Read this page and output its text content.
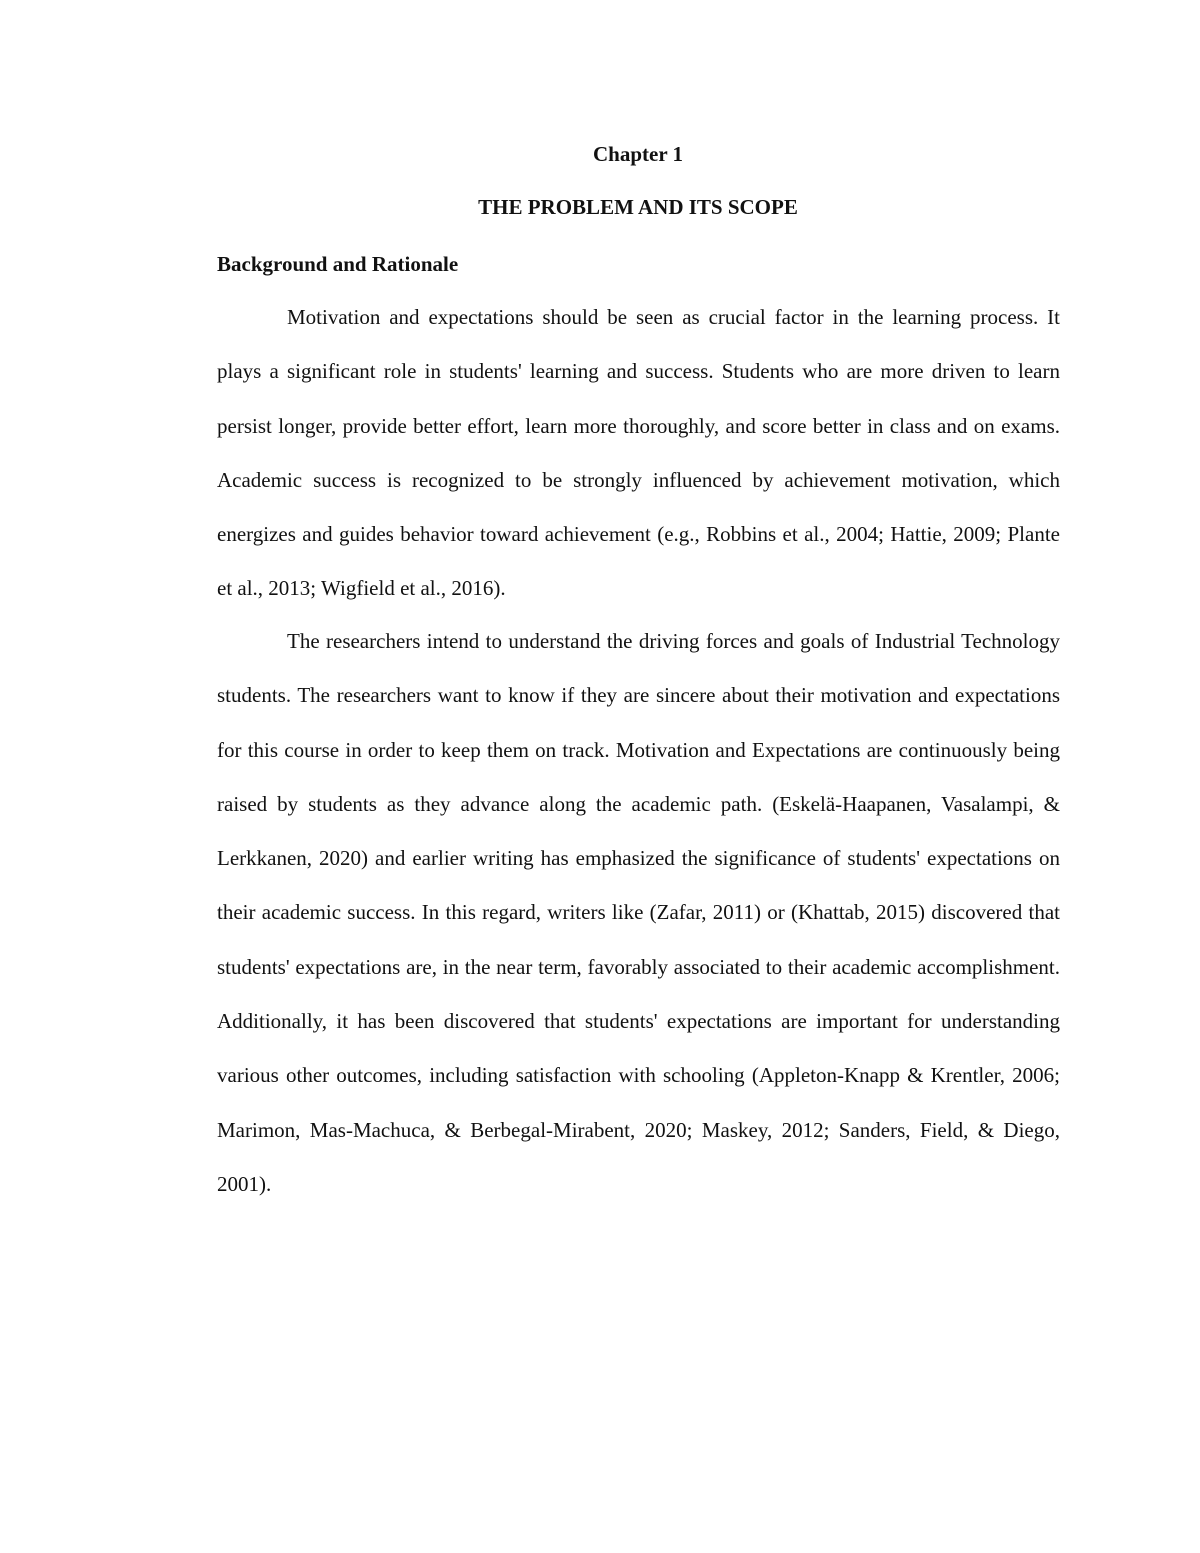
Chapter 1
THE PROBLEM AND ITS SCOPE
Background and Rationale

Motivation and expectations should be seen as crucial factor in the learning process. It plays a significant role in students' learning and success. Students who are more driven to learn persist longer, provide better effort, learn more thoroughly, and score better in class and on exams. Academic success is recognized to be strongly influenced by achievement motivation, which energizes and guides behavior toward achievement (e.g., Robbins et al., 2004; Hattie, 2009; Plante et al., 2013; Wigfield et al., 2016).

The researchers intend to understand the driving forces and goals of Industrial Technology students. The researchers want to know if they are sincere about their motivation and expectations for this course in order to keep them on track. Motivation and Expectations are continuously being raised by students as they advance along the academic path. (Eskelä-Haapanen, Vasalampi, & Lerkkanen, 2020) and earlier writing has emphasized the significance of students' expectations on their academic success. In this regard, writers like (Zafar, 2011) or (Khattab, 2015) discovered that students' expectations are, in the near term, favorably associated to their academic accomplishment. Additionally, it has been discovered that students' expectations are important for understanding various other outcomes, including satisfaction with schooling (Appleton-Knapp & Krentler, 2006; Marimon, Mas-Machuca, & Berbegal-Mirabent, 2020; Maskey, 2012; Sanders, Field, & Diego, 2001).
